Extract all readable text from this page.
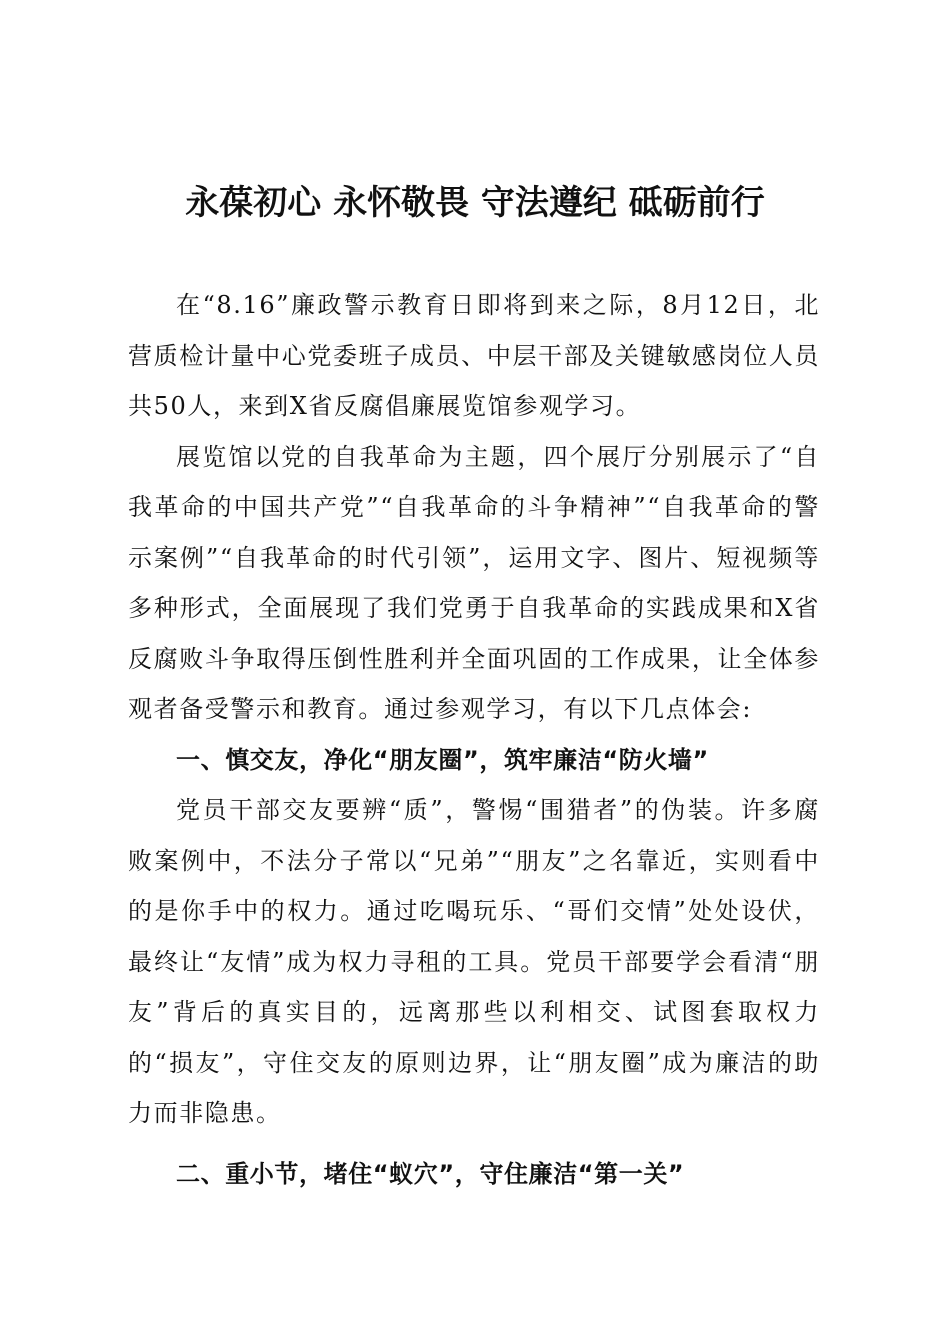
永葆初心 永怀敬畏 守法遵纪 砥砺前行

在“8.16”廉政警示教育日即将到来之际，8月12日，北营质检计量中心党委班子成员、中层干部及关键敏感岗位人员共50人，来到X省反腐倡廉展览馆参观学习。

展览馆以党的自我革命为主题，四个展厅分别展示了“自我革命的中国共产党”“自我革命的斗争精神”“自我革命的警示案例”“自我革命的时代引领”，运用文字、图片、短视频等多种形式，全面展现了我们党勇于自我革命的实践成果和X省反腐败斗争取得压倒性胜利并全面巩固的工作成果，让全体参观者备受警示和教育。通过参观学习，有以下几点体会:

一、慎交友，净化“朋友圈”，筑牢廉洁“防火墙”

党员干部交友要辨“质”，警惕“围猎者”的伪装。许多腐败案例中，不法分子常以“兄弟”“朋友”之名靠近，实则看中的是你手中的权力。通过吃喝玩乐、“哥们交情”处处设伏，最终让“友情”成为权力寻租的工具。党员干部要学会看清“朋友”背后的真实目的，远离那些以利相交、试图套取权力的“损友”，守住交友的原则边界，让“朋友圈”成为廉洁的助力而非隐患。

二、重小节，堵住“蚁穴”，守住廉洁“第一关”
